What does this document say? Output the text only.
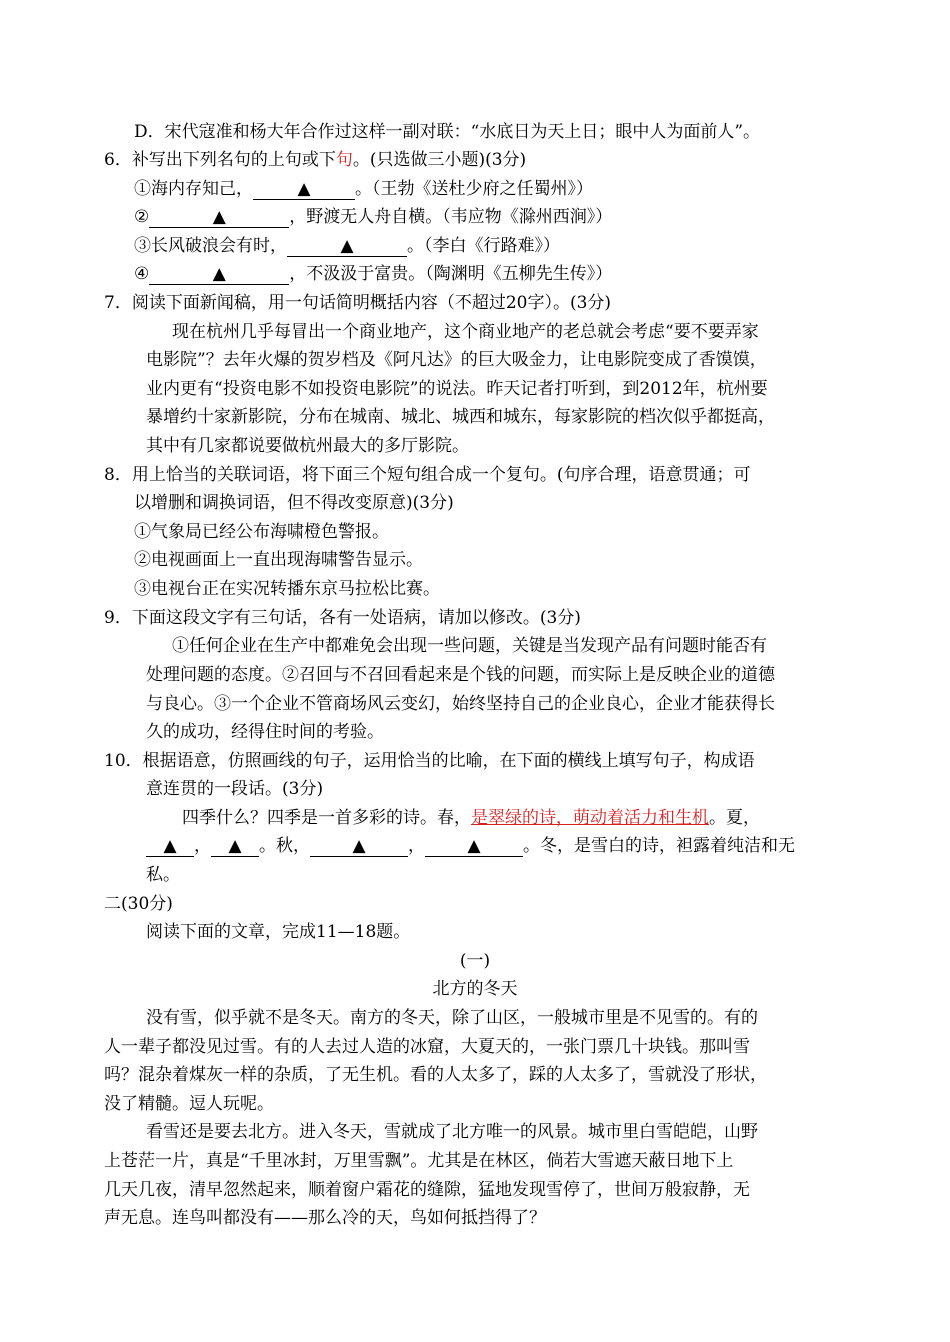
D．宋代寇准和杨大年合作过这样一副对联：“水底日为天上日；眼中人为面前人”。
6．补写出下列名句的上句或下句。(只选做三小题)(3分)
①海内存知己，	▲	。（王勃《送杜少府之任蜀州》）
②	▲	，野渡无人舟自横。（韦应物《滁州西涧》）
③长风破浪会有时，	▲	。（李白《行路难》）
④	▲	，不汲汲于富贵。（陶渊明《五柳先生传》）
7．阅读下面新闻稿，用一句话简明概括内容（不超过20字）。(3分)
现在杭州几乎每冒出一个商业地产，这个商业地产的老总就会考虑“要不要弄家
电影院”？去年火爆的贺岁档及《阿凡达》的巨大吸金力，让电影院变成了香馍馍，
业内更有“投资电影不如投资电影院”的说法。昨天记者打听到，到2012年，杭州要
暴增约十家新影院，分布在城南、城北、城西和城东，每家影院的档次似乎都挺高，
其中有几家都说要做杭州最大的多厅影院。
8．用上恰当的关联词语，将下面三个短句组合成一个复句。(句序合理，语意贯通；可
以增删和调换词语，但不得改变原意)(3分)
①气象局已经公布海啸橙色警报。
②电视画面上一直出现海啸警告显示。
③电视台正在实况转播东京马拉松比赛。
9．下面这段文字有三句话，各有一处语病，请加以修改。(3分)
①任何企业在生产中都难免会出现一些问题，关键是当发现产品有问题时能否有
处理问题的态度。②召回与不召回看起来是个钱的问题，而实际上是反映企业的道德
与良心。③一个企业不管商场风云变幻，始终坚持自己的企业良心，企业才能获得长
久的成功，经得住时间的考验。
10．根据语意，仿照画线的句子，运用恰当的比喻，在下面的横线上填写句子，构成语
意连贯的一段话。(3分)
四季什么？四季是一首多彩的诗。春，是翠绿的诗，萌动着活力和生机。夏，
▲ ， ▲ 。秋， ▲ ， ▲ 。冬，是雪白的诗，袒露着纯洁和无
私。
二(30分)
阅读下面的文章，完成11—18题。
(一)
北方的冬天
没有雪，似乎就不是冬天。南方的冬天，除了山区，一般城市里是不见雪的。有的
人一辈子都没见过雪。有的人去过人造的冰窟，大夏天的，一张门票几十块钱。那叫雪
吗？混杂着煤灰一样的杂质，了无生机。看的人太多了，踩的人太多了，雪就没了形状，
没了精髓。逗人玩呢。
看雪还是要去北方。进入冬天，雪就成了北方唯一的风景。城市里白雪皑皑，山野
上苍茫一片，真是“千里冰封，万里雪飘”。尤其是在林区，倘若大雪遮天蔽日地下上
几天几夜，清早忽然起来，顺着窗户霜花的缝隙，猛地发现雪停了，世间万般寂静，无
声无息。连鸟叫都没有——那么冷的天，鸟如何抵挡得了？
